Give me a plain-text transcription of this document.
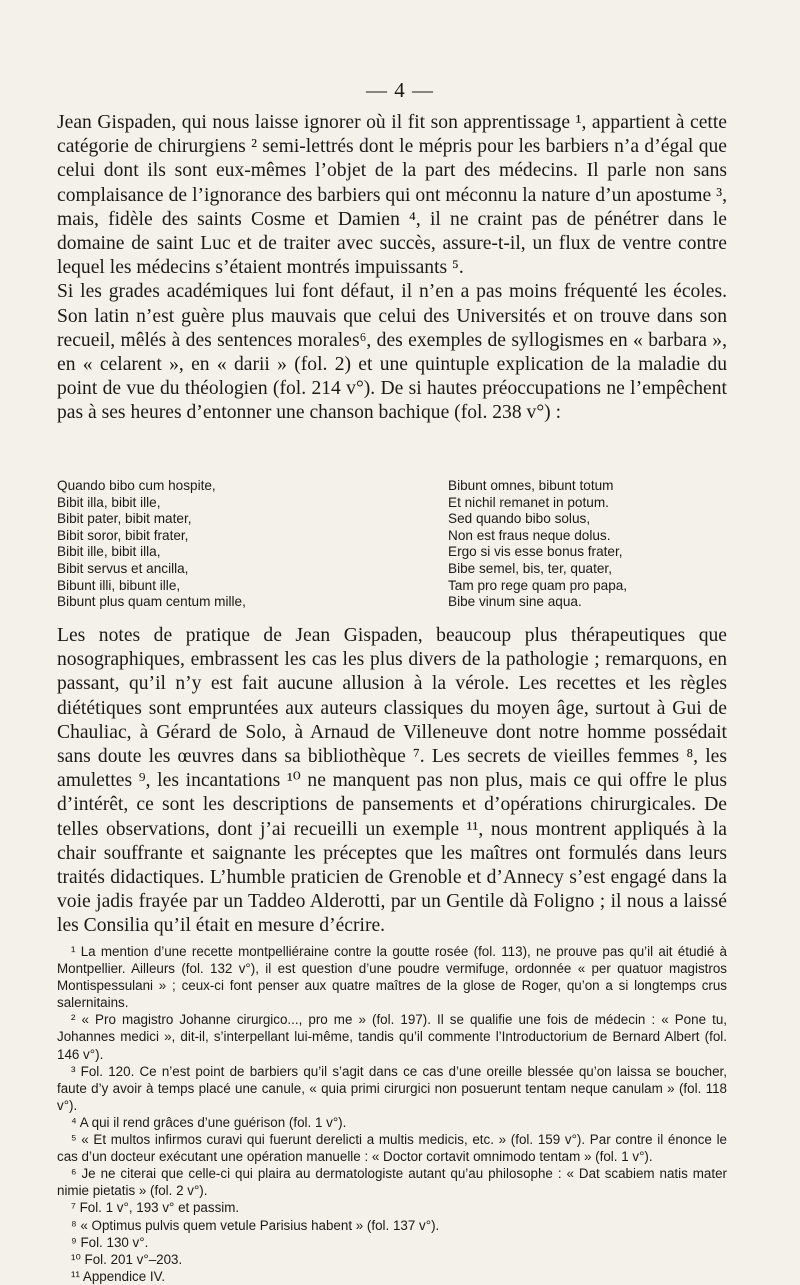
— 4 —

Jean Gispaden, qui nous laisse ignorer où il fit son apprentissage ¹, appartient à cette catégorie de chirurgiens ² semi-lettrés dont le mépris pour les barbiers n’a d’égal que celui dont ils sont eux-mêmes l’objet de la part des médecins. Il parle non sans complaisance de l’ignorance des barbiers qui ont méconnu la nature d’un apostume ³, mais, fidèle des saints Cosme et Damien ⁴, il ne craint pas de pénétrer dans le domaine de saint Luc et de traiter avec succès, assure-t-il, un flux de ventre contre lequel les médecins s’étaient montrés impuissants ⁵.

Si les grades académiques lui font défaut, il n’en a pas moins fréquenté les écoles. Son latin n’est guère plus mauvais que celui des Universités et on trouve dans son recueil, mêlés à des sentences morales⁶, des exemples de syllogismes en « barbara », en « celarent », en « darii » (fol. 2) et une quintuple explication de la maladie du point de vue du théologien (fol. 214 v°). De si hautes préoccupations ne l’empêchent pas à ses heures d’entonner une chanson bachique (fol. 238 v°) :

Quando bibo cum hospite,
Bibit illa, bibit ille,
Bibit pater, bibit mater,
Bibit soror, bibit frater,
Bibit ille, bibit illa,
Bibit servus et ancilla,
Bibunt illi, bibunt ille,
Bibunt plus quam centum mille,
Bibunt omnes, bibunt totum
Et nichil remanet in potum.
Sed quando bibo solus,
Non est fraus neque dolus.
Ergo si vis esse bonus frater,
Bibe semel, bis, ter, quater,
Tam pro rege quam pro papa,
Bibe vinum sine aqua.

Les notes de pratique de Jean Gispaden, beaucoup plus thérapeutiques que nosographiques, embrassent les cas les plus divers de la pathologie ; remarquons, en passant, qu’il n’y est fait aucune allusion à la vérole. Les recettes et les règles diététiques sont empruntées aux auteurs classiques du moyen âge, surtout à Gui de Chauliac, à Gérard de Solo, à Arnaud de Villeneuve dont notre homme possédait sans doute les œuvres dans sa bibliothèque ⁷. Les secrets de vieilles femmes ⁸, les amulettes ⁹, les incantations ¹⁰ ne manquent pas non plus, mais ce qui offre le plus d’intérêt, ce sont les descriptions de pansements et d’opérations chirurgicales. De telles observations, dont j’ai recueilli un exemple ¹¹, nous montrent appliqués à la chair souffrante et saignante les préceptes que les maîtres ont formulés dans leurs traités didactiques. L’humble praticien de Grenoble et d’Annecy s’est engagé dans la voie jadis frayée par un Taddeo Alderotti, par un Gentile dà Foligno ; il nous a laissé les Consilia qu’il était en mesure d’écrire.

¹ La mention d’une recette montpelliéraine contre la goutte rosée (fol. 113), ne prouve pas qu’il ait étudié à Montpellier. Ailleurs (fol. 132 v°), il est question d’une poudre vermifuge, ordonnée « per quatuor magistros Montispessulani » ; ceux-ci font penser aux quatre maîtres de la glose de Roger, qu’on a si longtemps crus salernitains.

² « Pro magistro Johanne cirurgico..., pro me » (fol. 197). Il se qualifie une fois de médecin : « Pone tu, Johannes medici », dit-il, s’interpellant lui-même, tandis qu’il commente l’Introductorium de Bernard Albert (fol. 146 v°).

³ Fol. 120. Ce n’est point de barbiers qu’il s’agit dans ce cas d’une oreille blessée qu’on laissa se boucher, faute d’y avoir à temps placé une canule, « quia primi cirurgici non posuerunt tentam neque canulam » (fol. 118 v°).

⁴ A qui il rend grâces d’une guérison (fol. 1 v°).

⁵ « Et multos infirmos curavi qui fuerunt derelicti a multis medicis, etc. » (fol. 159 v°). Par contre il énonce le cas d’un docteur exécutant une opération manuelle : « Doctor cortavit omnimodo tentam » (fol. 1 v°).

⁶ Je ne citerai que celle-ci qui plaira au dermatologiste autant qu’au philosophe : « Dat scabiem natis mater nimie pietatis » (fol. 2 v°).

⁷ Fol. 1 v°, 193 v° et passim.

⁸ « Optimus pulvis quem vetule Parisius habent » (fol. 137 v°).

⁹ Fol. 130 v°.

¹⁰ Fol. 201 v°–203.

¹¹ Appendice IV.
